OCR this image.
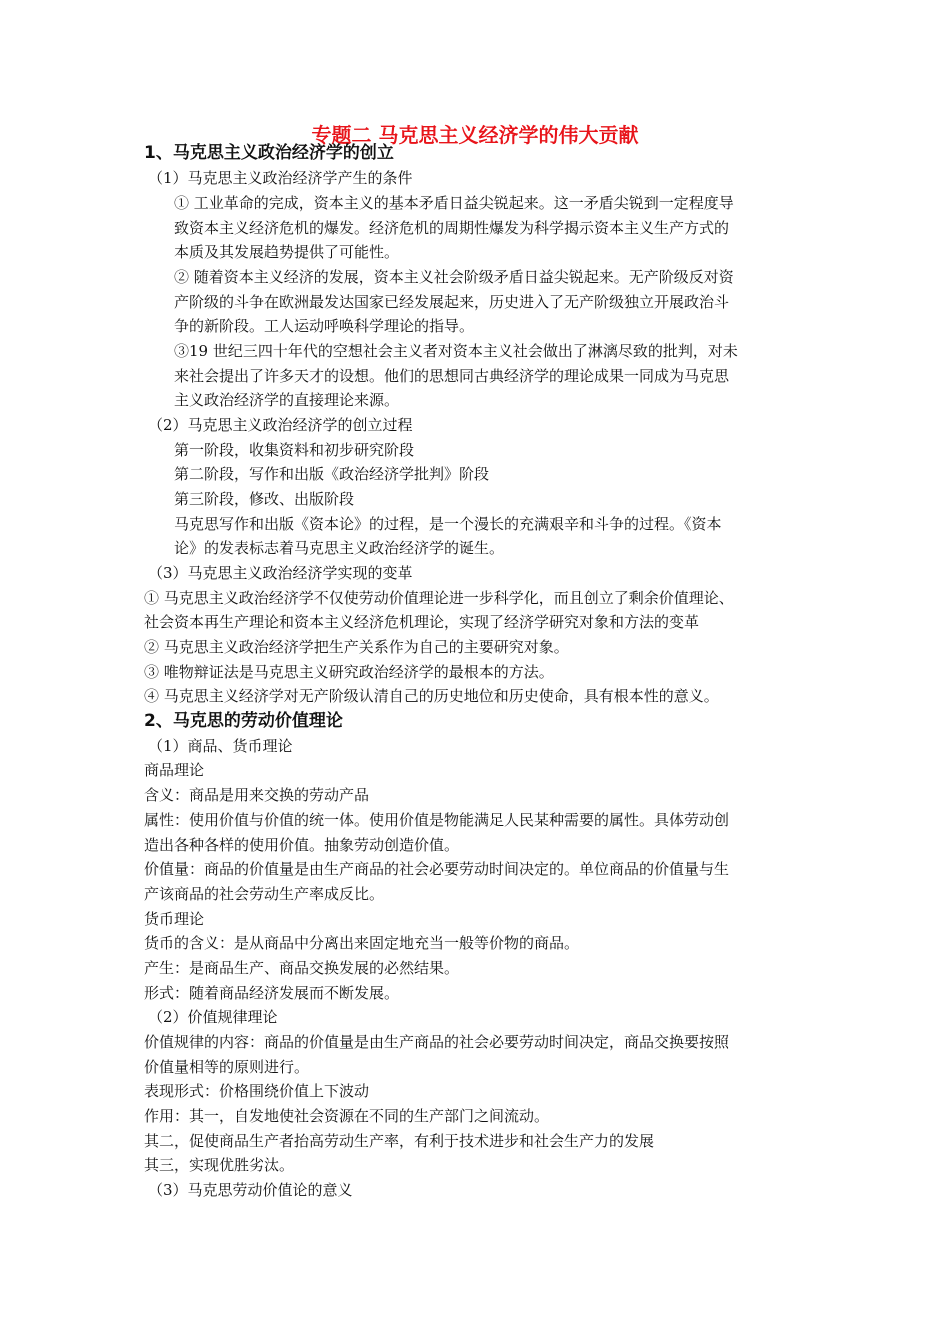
专题二 马克思主义经济学的伟大贡献
1、马克思主义政治经济学的创立
（1）马克思主义政治经济学产生的条件
① 工业革命的完成，资本主义的基本矛盾日益尖锐起来。这一矛盾尖锐到一定程度导
致资本主义经济危机的爆发。经济危机的周期性爆发为科学揭示资本主义生产方式的
本质及其发展趋势提供了可能性。
② 随着资本主义经济的发展，资本主义社会阶级矛盾日益尖锐起来。无产阶级反对资
产阶级的斗争在欧洲最发达国家已经发展起来，历史进入了无产阶级独立开展政治斗
争的新阶段。工人运动呼唤科学理论的指导。
③19 世纪三四十年代的空想社会主义者对资本主义社会做出了淋漓尽致的批判，对未
来社会提出了许多天才的设想。他们的思想同古典经济学的理论成果一同成为马克思
主义政治经济学的直接理论来源。
（2）马克思主义政治经济学的创立过程
第一阶段，收集资料和初步研究阶段
第二阶段，写作和出版《政治经济学批判》阶段
第三阶段，修改、出版阶段
马克思写作和出版《资本论》的过程，是一个漫长的充满艰辛和斗争的过程。《资本
论》的发表标志着马克思主义政治经济学的诞生。
（3）马克思主义政治经济学实现的变革
① 马克思主义政治经济学不仅使劳动价值理论进一步科学化，而且创立了剩余价值理论、
社会资本再生产理论和资本主义经济危机理论，实现了经济学研究对象和方法的变革
② 马克思主义政治经济学把生产关系作为自己的主要研究对象。
③ 唯物辩证法是马克思主义研究政治经济学的最根本的方法。
④ 马克思主义经济学对无产阶级认清自己的历史地位和历史使命，具有根本性的意义。
2、马克思的劳动价值理论
（1）商品、货币理论
商品理论
含义：商品是用来交换的劳动产品
属性：使用价值与价值的统一体。使用价值是物能满足人民某种需要的属性。具体劳动创
造出各种各样的使用价值。抽象劳动创造价值。
价值量：商品的价值量是由生产商品的社会必要劳动时间决定的。单位商品的价值量与生
产该商品的社会劳动生产率成反比。
货币理论
货币的含义：是从商品中分离出来固定地充当一般等价物的商品。
产生：是商品生产、商品交换发展的必然结果。
形式：随着商品经济发展而不断发展。
（2）价值规律理论
价值规律的内容：商品的价值量是由生产商品的社会必要劳动时间决定，商品交换要按照
价值量相等的原则进行。
表现形式：价格围绕价值上下波动
作用：其一，自发地使社会资源在不同的生产部门之间流动。
其二，促使商品生产者抬高劳动生产率，有利于技术进步和社会生产力的发展
其三，实现优胜劣汰。
（3）马克思劳动价值论的意义
